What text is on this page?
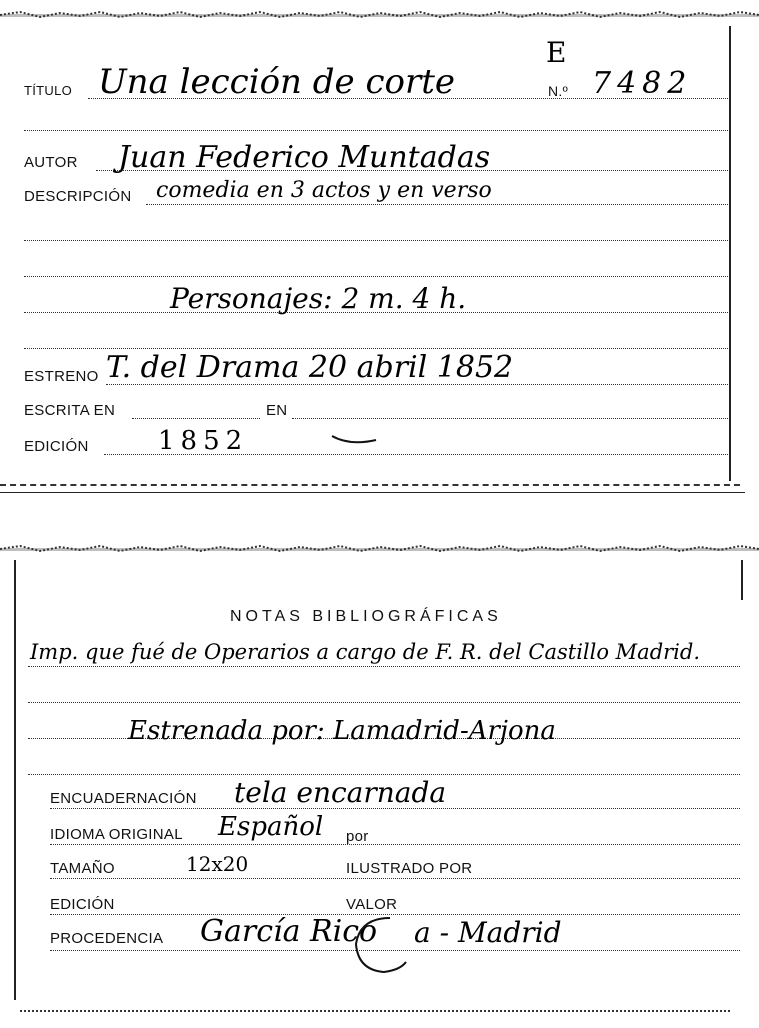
TÍTULO Una lección de corte
E
N.º 7482
AUTOR Juan Federico Muntadas
DESCRIPCIÓN comedia en 3 actos y en verso
Personajes: 2 m. 4 h.
ESTRENO T. del Drama 20 abril 1852
ESCRITA EN	EN
EDICIÓN	1852
NOTAS BIBLIOGRÁFICAS
Imp. que fué de Operarios a cargo de F. R. del Castillo Madrid.
Estrenada por: Lamadrid-Arjona
ENCUADERNACIÓN tela encarnada
IDIOMA ORIGINAL Español por
TAMAÑO	12x20	ILUSTRADO POR
EDICIÓN	VALOR
PROCEDENCIA García Rico a - Madrid
